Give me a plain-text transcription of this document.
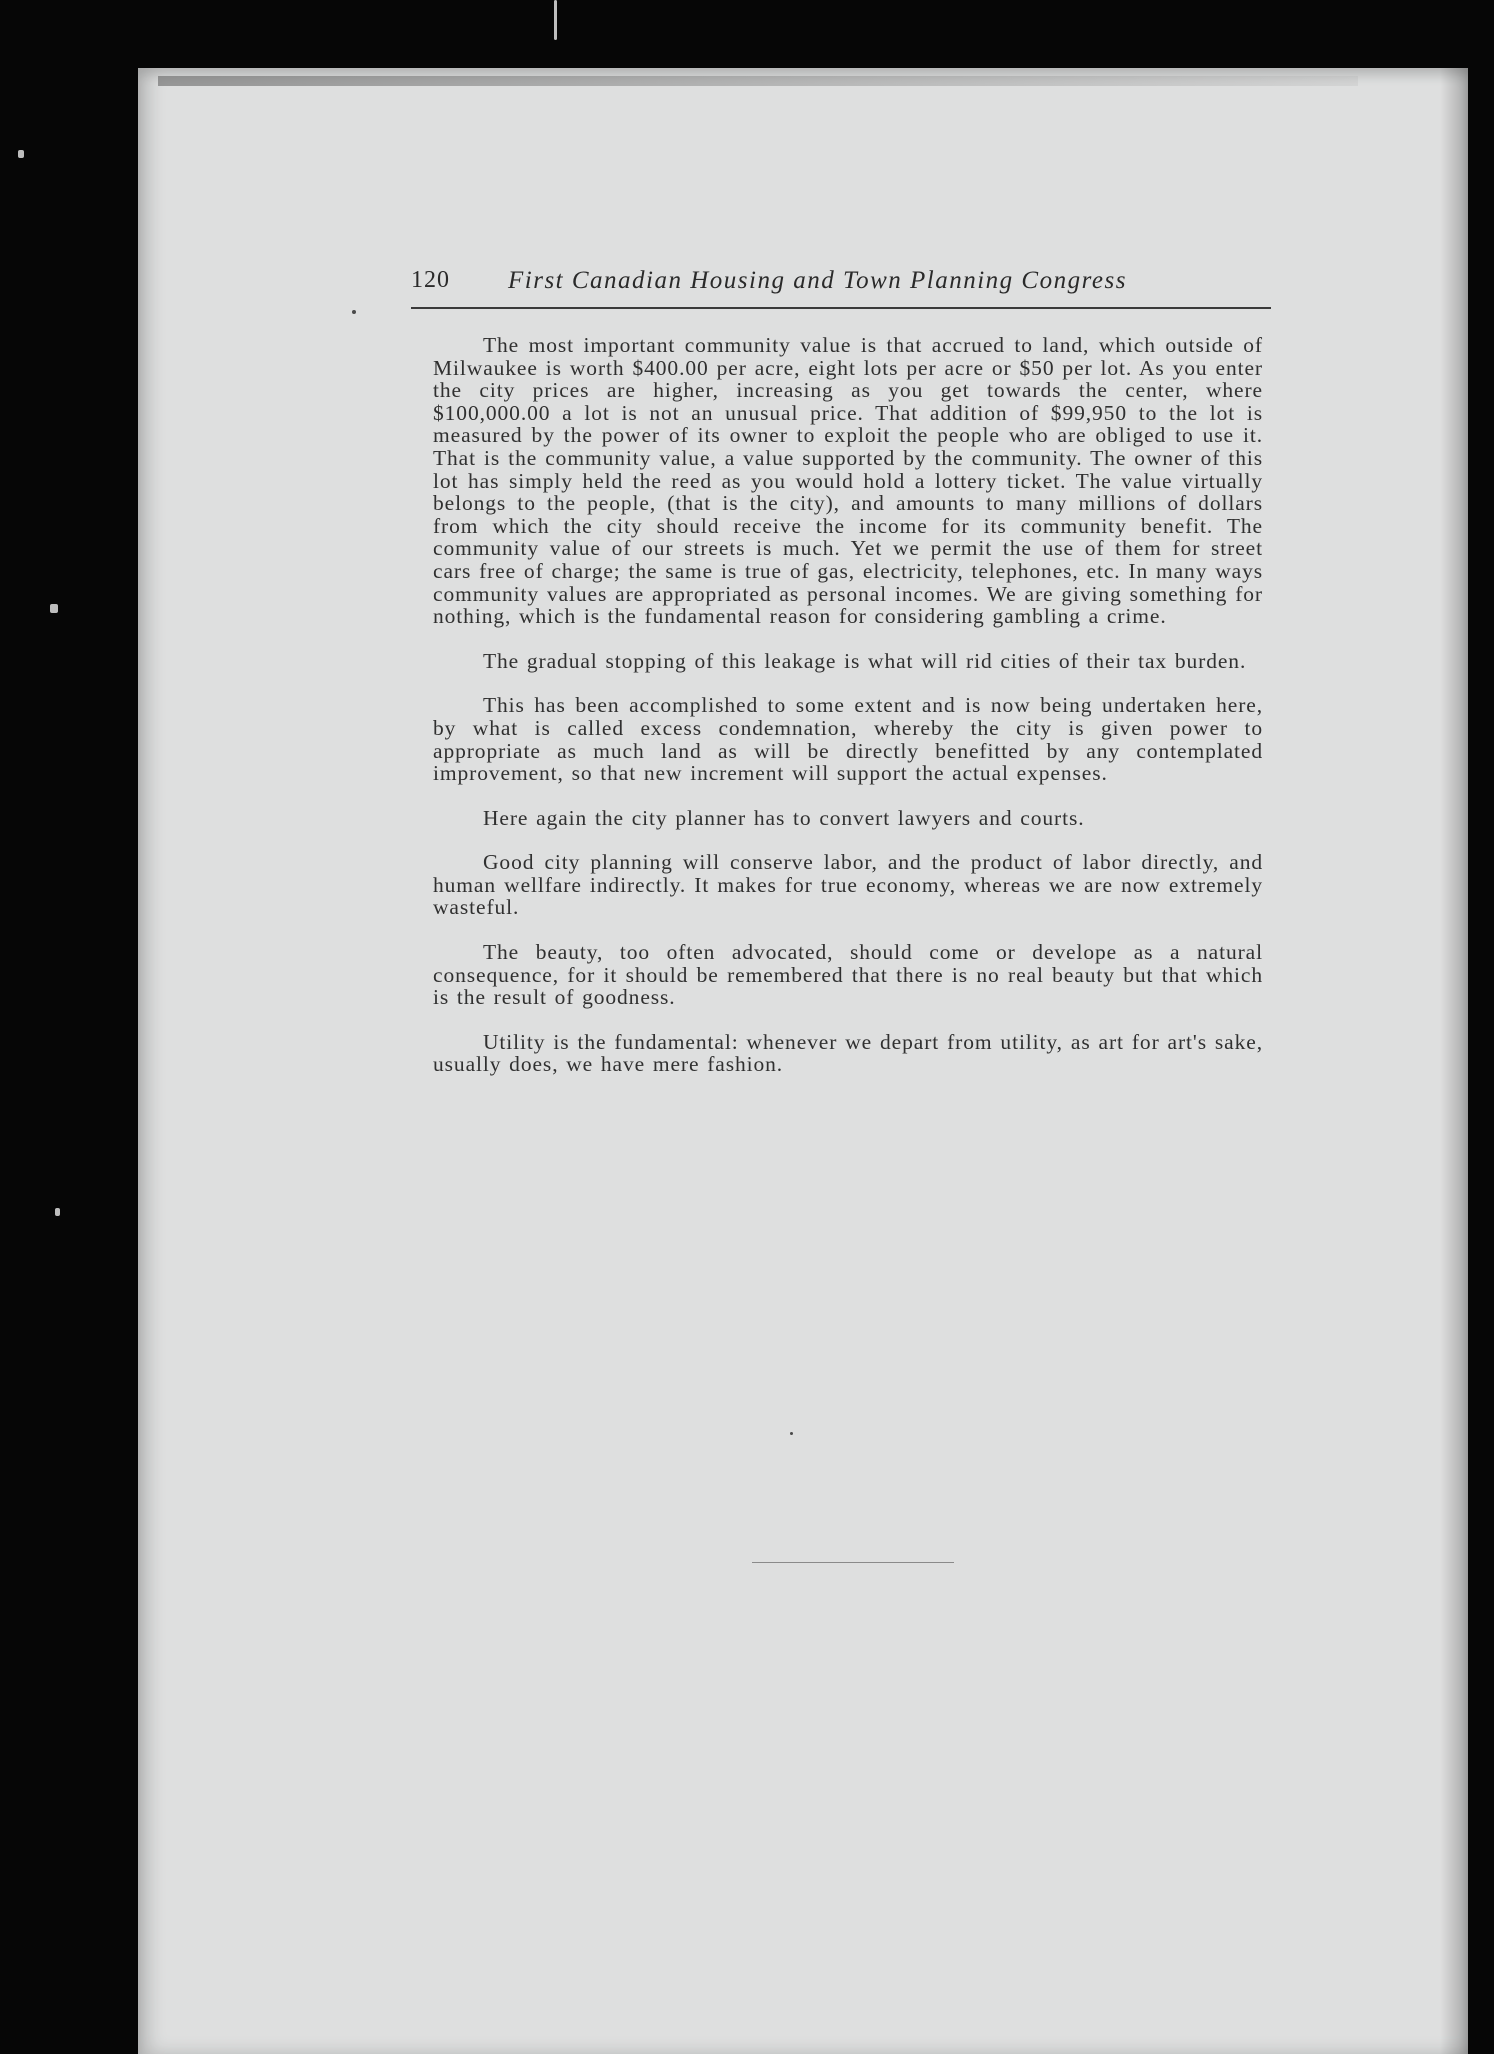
120 First Canadian Housing and Town Planning Congress

The most important community value is that accrued to land, which outside of Milwaukee is worth $400.00 per acre, eight lots per acre or $50 per lot. As you enter the city prices are higher, increasing as you get towards the center, where $100,000.00 a lot is not an unusual price. That addition of $99,950 to the lot is measured by the power of its owner to exploit the people who are obliged to use it. That is the community value, a value supported by the community. The owner of this lot has simply held the reed as you would hold a lottery ticket. The value virtually belongs to the people, (that is the city), and amounts to many millions of dollars from which the city should receive the income for its community benefit. The community value of our streets is much. Yet we permit the use of them for street cars free of charge; the same is true of gas, electricity, telephones, etc. In many ways community values are appropriated as personal incomes. We are giving something for nothing, which is the fundamental reason for considering gambling a crime.

The gradual stopping of this leakage is what will rid cities of their tax burden.

This has been accomplished to some extent and is now being undertaken here, by what is called excess condemnation, whereby the city is given power to appropriate as much land as will be directly benefitted by any contemplated improvement, so that new increment will support the actual expenses.

Here again the city planner has to convert lawyers and courts.

Good city planning will conserve labor, and the product of labor directly, and human wellfare indirectly. It makes for true economy, whereas we are now extremely wasteful.

The beauty, too often advocated, should come or develope as a natural consequence, for it should be remembered that there is no real beauty but that which is the result of goodness.

Utility is the fundamental: whenever we depart from utility, as art for art's sake, usually does, we have mere fashion.
